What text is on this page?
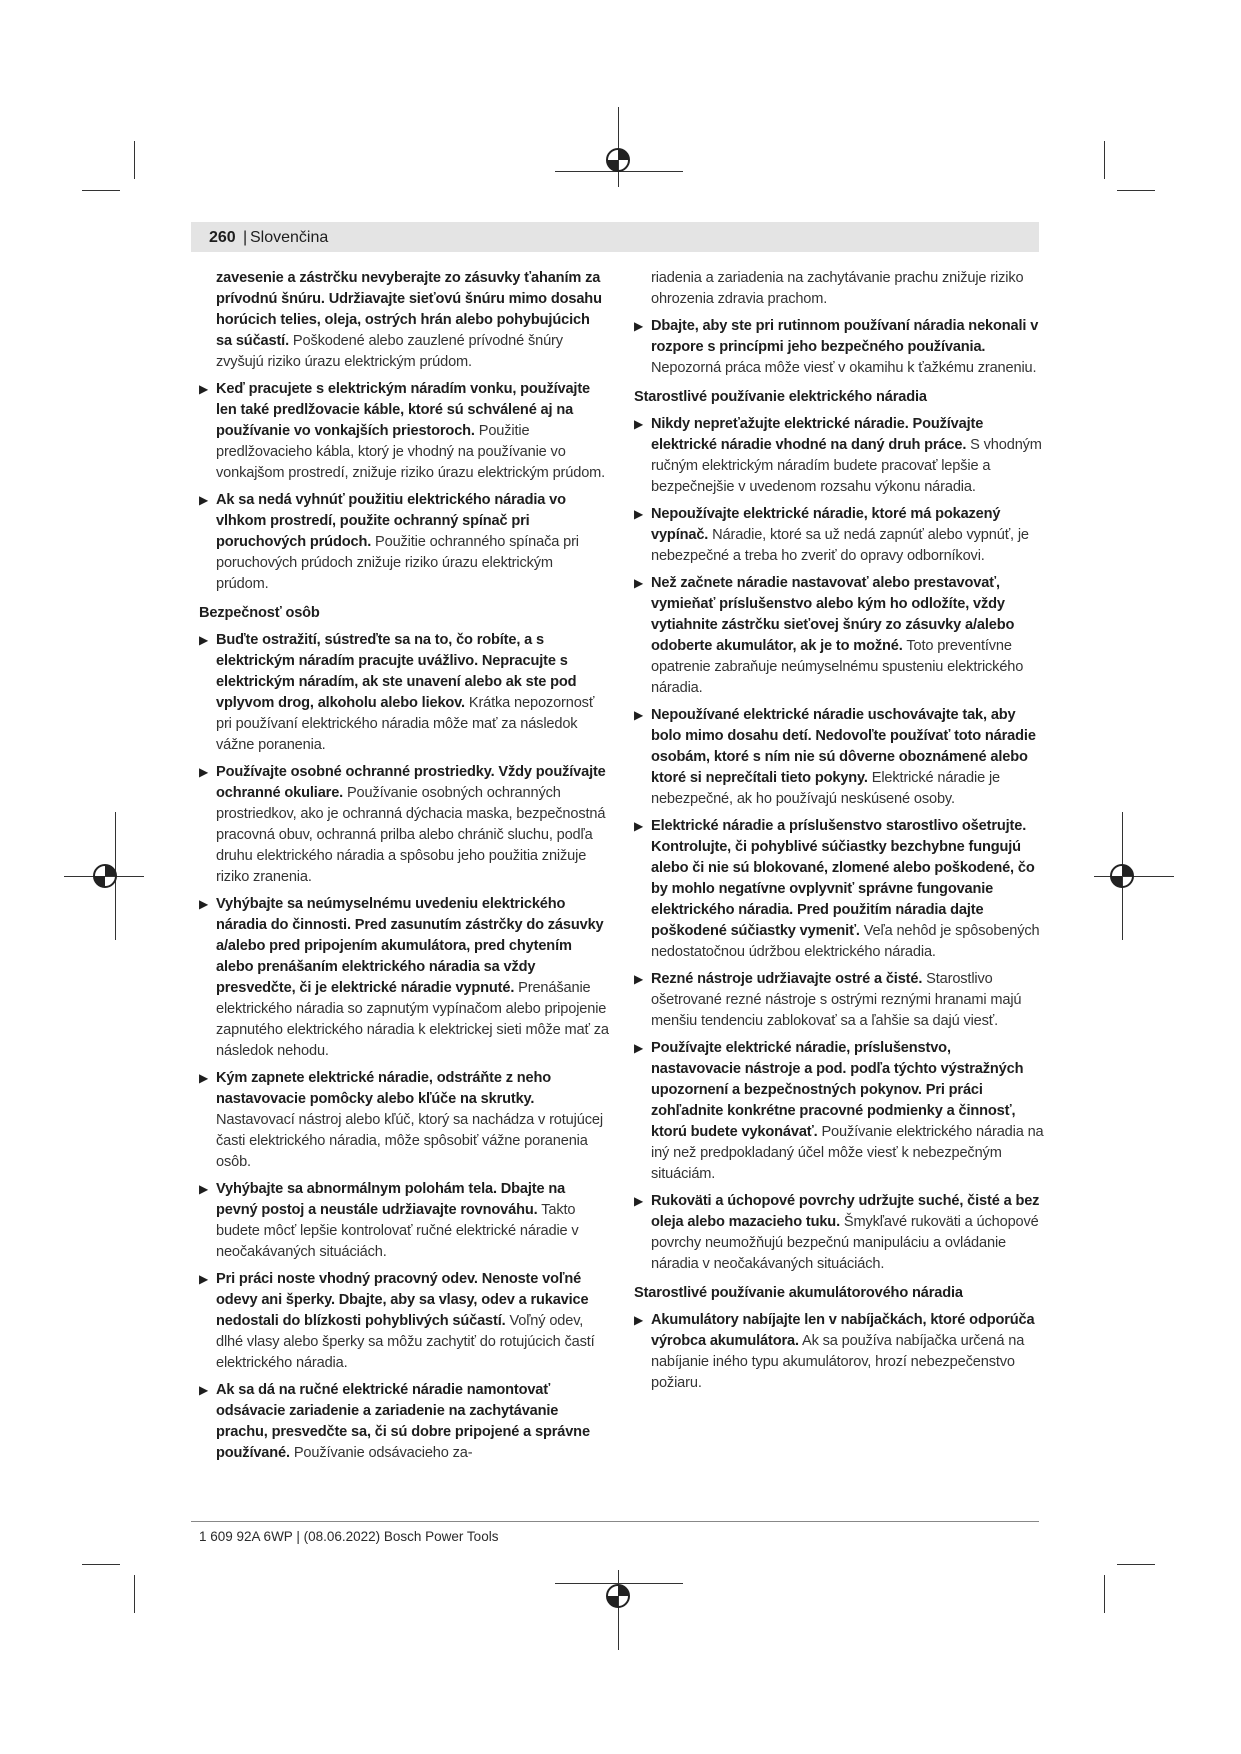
260 | Slovenčina

zavesenie a zástrčku nevyberajte zo zásuvky ťahaním za prívodnú šnúru. Udržiavajte sieťovú šnúru mimo dosahu horúcich telies, oleja, ostrých hrán alebo pohybujúcich sa súčastí. Poškodené alebo zauzlené prívodné šnúry zvyšujú riziko úrazu elektrickým prúdom.

▶ Keď pracujete s elektrickým náradím vonku, používajte len také predlžovacie káble, ktoré sú schválené aj na používanie vo vonkajších priestoroch. Použitie predlžovacieho kábla, ktorý je vhodný na používanie vo vonkajšom prostredí, znižuje riziko úrazu elektrickým prúdom.
▶ Ak sa nedá vyhnúť použitiu elektrického náradia vo vlhkom prostredí, použite ochranný spínač pri poruchových prúdoch. Použitie ochranného spínača pri poruchových prúdoch znižuje riziko úrazu elektrickým prúdom.
Bezpečnosť osôb
▶ Buďte ostražití, sústreďte sa na to, čo robíte, a s elektrickým náradím pracujte uvážlivo. Nepracujte s elektrickým náradím, ak ste unavení alebo ak ste pod vplyvom drog, alkoholu alebo liekov. Krátka nepozornosť pri používaní elektrického náradia môže mať za následok vážne poranenia.
▶ Používajte osobné ochranné prostriedky. Vždy používajte ochranné okuliare. Používanie osobných ochranných prostriedkov, ako je ochranná dýchacia maska, bezpečnostná pracovná obuv, ochranná prilba alebo chránič sluchu, podľa druhu elektrického náradia a spôsobu jeho použitia znižuje riziko zranenia.
▶ Vyhýbajte sa neúmyselnému uvedeniu elektrického náradia do činnosti. Pred zasunutím zástrčky do zásuvky a/alebo pred pripojením akumulátora, pred chytením alebo prenášaním elektrického náradia sa vždy presvedčte, či je elektrické náradie vypnuté. Prenášanie elektrického náradia so zapnutým vypínačom alebo pripojenie zapnutého elektrického náradia k elektrickej sieti môže mať za následok nehodu.
▶ Kým zapnete elektrické náradie, odstráňte z neho nastavovacie pomôcky alebo kľúče na skrutky. Nastavovací nástroj alebo kľúč, ktorý sa nachádza v rotujúcej časti elektrického náradia, môže spôsobiť vážne poranenia osôb.
▶ Vyhýbajte sa abnormálnym polohám tela. Dbajte na pevný postoj a neustále udržiavajte rovnováhu. Takto budete môcť lepšie kontrolovať ručné elektrické náradie v neočakávaných situáciách.
▶ Pri práci noste vhodný pracovný odev. Nenoste voľné odevy ani šperky. Dbajte, aby sa vlasy, odev a rukavice nedostali do blízkosti pohyblivých súčastí. Voľný odev, dlhé vlasy alebo šperky sa môžu zachytiť do rotujúcich častí elektrického náradia.
▶ Ak sa dá na ručné elektrické náradie namontovať odsávacie zariadenie a zariadenie na zachytávanie prachu, presvedčte sa, či sú dobre pripojené a správne používané. Používanie odsávacieho za-

riadenia a zariadenia na zachytávanie prachu znižuje riziko ohrozenia zdravia prachom.

▶ Dbajte, aby ste pri rutinnom používaní náradia nekonali v rozpore s princípmi jeho bezpečného používania. Nepozorná práca môže viesť v okamihu k ťažkému zraneniu.
Starostlivé používanie elektrického náradia
▶ Nikdy nepreťažujte elektrické náradie. Používajte elektrické náradie vhodné na daný druh práce. S vhodným ručným elektrickým náradím budete pracovať lepšie a bezpečnejšie v uvedenom rozsahu výkonu náradia.
▶ Nepoužívajte elektrické náradie, ktoré má pokazený vypínač. Náradie, ktoré sa už nedá zapnúť alebo vypnúť, je nebezpečné a treba ho zveriť do opravy odborníkovi.
▶ Než začnete náradie nastavovať alebo prestavovať, vymieňať príslušenstvo alebo kým ho odložíte, vždy vytiahnite zástrčku sieťovej šnúry zo zásuvky a/alebo odoberte akumulátor, ak je to možné. Toto preventívne opatrenie zabraňuje neúmyselnému spusteniu elektrického náradia.
▶ Nepoužívané elektrické náradie uschovávajte tak, aby bolo mimo dosahu detí. Nedovoľte používať toto náradie osobám, ktoré s ním nie sú dôverne oboznámené alebo ktoré si neprečítali tieto pokyny. Elektrické náradie je nebezpečné, ak ho používajú neskúsené osoby.
▶ Elektrické náradie a príslušenstvo starostlivo ošetrujte. Kontrolujte, či pohyblivé súčiastky bezchybne fungujú alebo či nie sú blokované, zlomené alebo poškodené, čo by mohlo negatívne ovplyvniť správne fungovanie elektrického náradia. Pred použitím náradia dajte poškodené súčiastky vymeniť. Veľa nehôd je spôsobených nedostatočnou údržbou elektrického náradia.
▶ Rezné nástroje udržiavajte ostré a čisté. Starostlivo ošetrované rezné nástroje s ostrými reznými hranami majú menšiu tendenciu zablokovať sa a ľahšie sa dajú viesť.
▶ Používajte elektrické náradie, príslušenstvo, nastavovacie nástroje a pod. podľa týchto výstražných upozornení a bezpečnostných pokynov. Pri práci zohľadnite konkrétne pracovné podmienky a činnosť, ktorú budete vykonávať. Používanie elektrického náradia na iný než predpokladaný účel môže viesť k nebezpečným situáciám.
▶ Rukoväti a úchopové povrchy udržujte suché, čisté a bez oleja alebo mazacieho tuku. Šmykľavé rukoväti a úchopové povrchy neumožňujú bezpečnú manipuláciu a ovládanie náradia v neočakávaných situáciách.
Starostlivé používanie akumulátorového náradia
▶ Akumulátory nabíjajte len v nabíjačkách, ktoré odporúča výrobca akumulátora. Ak sa používa nabíjačka určená na nabíjanie iného typu akumulátorov, hrozí nebezpečenstvo požiaru.
1 609 92A 6WP | (08.06.2022) Bosch Power Tools
